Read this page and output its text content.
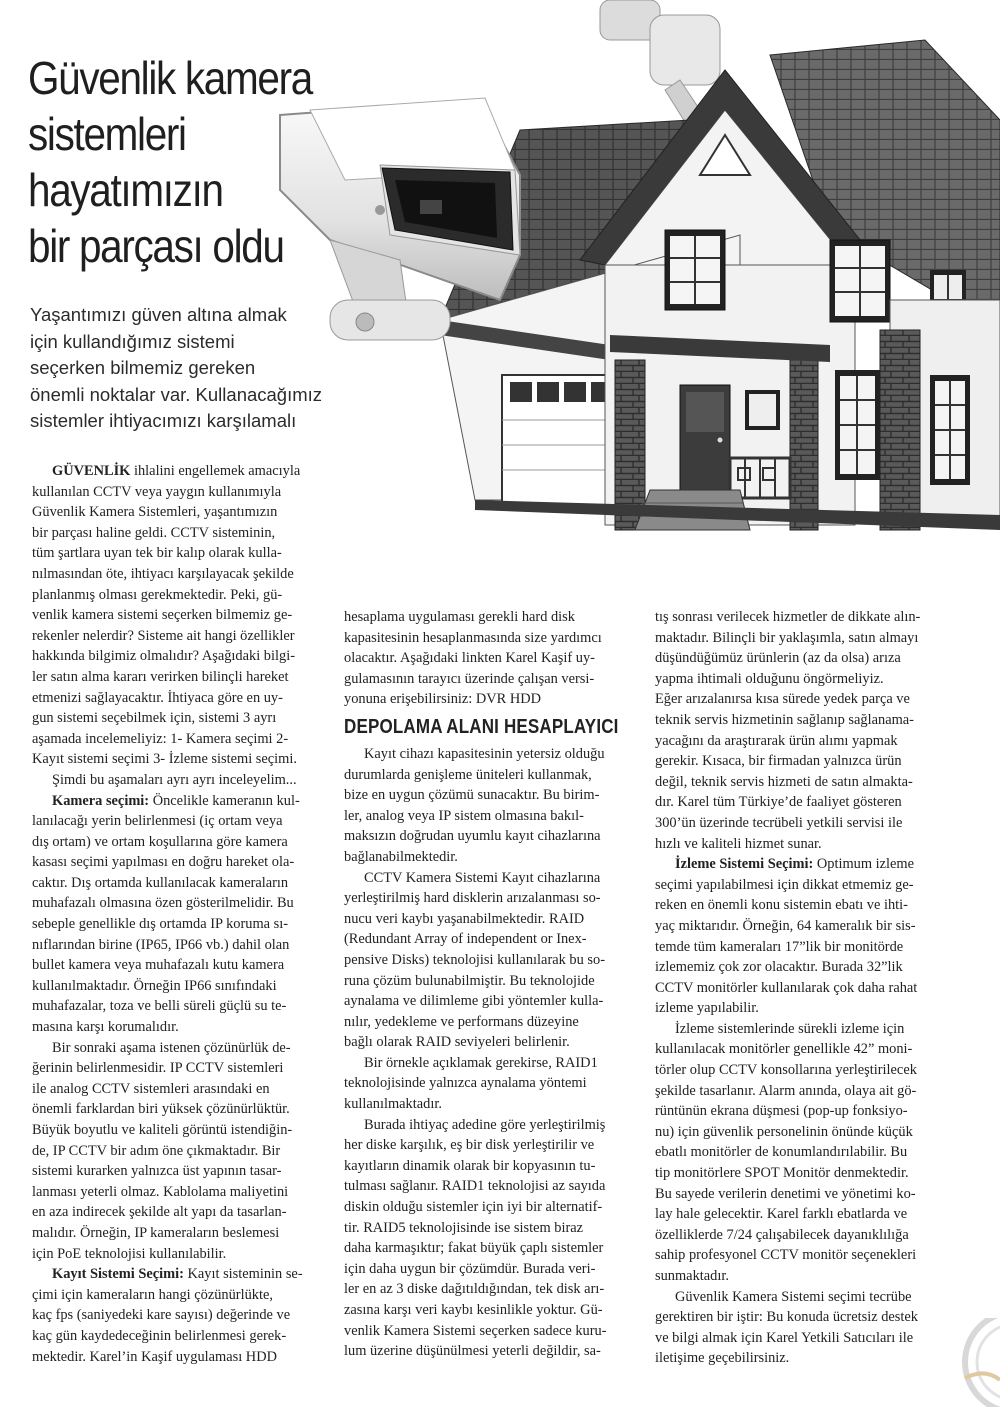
Güvenlik kamera
sistemleri
hayatımızın
bir parçası oldu

Yaşantımızı güven altına almak
için kullandığımız sistemi
seçerken bilmemiz gereken
önemli noktalar var. Kullanacağımız
sistemler ihtiyacımızı karşılamalı

GÜVENLİK ihlalini engellemek amacıyla
kullanılan CCTV veya yaygın kullanımıyla
Güvenlik Kamera Sistemleri, yaşantımızın
bir parçası haline geldi. CCTV sisteminin,
tüm şartlara uyan tek bir kalıp olarak kulla-
nılmasından öte, ihtiyacı karşılayacak şekilde
planlanmış olması gerekmektedir. Peki, gü-
venlik kamera sistemi seçerken bilmemiz ge-
rekenler nelerdir? Sisteme ait hangi özellikler
hakkında bilgimiz olmalıdır? Aşağıdaki bilgi-
ler satın alma kararı verirken bilinçli hareket
etmenizi sağlayacaktır. İhtiyaca göre en uy-
gun sistemi seçebilmek için, sistemi 3 ayrı
aşamada incelemeliyiz: 1- Kamera seçimi 2-
Kayıt sistemi seçimi 3- İzleme sistemi seçimi.
Şimdi bu aşamaları ayrı ayrı inceleyelim...
Kamera seçimi: Öncelikle kameranın kul-
lanılacağı yerin belirlenmesi (iç ortam veya
dış ortam) ve ortam koşullarına göre kamera
kasası seçimi yapılması en doğru hareket ola-
caktır. Dış ortamda kullanılacak kameraların
muhafazalı olmasına özen gösterilmelidir. Bu
sebeple genellikle dış ortamda IP koruma sı-
nıflarından birine (IP65, IP66 vb.) dahil olan
bullet kamera veya muhafazalı kutu kamera
kullanılmaktadır. Örneğin IP66 sınıfındaki
muhafazalar, toza ve belli süreli güçlü su te-
masına karşı korumalıdır.
Bir sonraki aşama istenen çözünürlük de-
ğerinin belirlenmesidir. IP CCTV sistemleri
ile analog CCTV sistemleri arasındaki en
önemli farklardan biri yüksek çözünürlüktür.
Büyük boyutlu ve kaliteli görüntü istendiğin-
de, IP CCTV bir adım öne çıkmaktadır. Bir
sistemi kurarken yalnızca üst yapının tasar-
lanması yeterli olmaz. Kablolama maliyetini
en aza indirecek şekilde alt yapı da tasarlan-
malıdır. Örneğin, IP kameraların beslemesi
için PoE teknolojisi kullanılabilir.
Kayıt Sistemi Seçimi: Kayıt sisteminin se-
çimi için kameraların hangi çözünürlükte,
kaç fps (saniyedeki kare sayısı) değerinde ve
kaç gün kaydedeceğinin belirlenmesi gerek-
mektedir. Karel’in Kaşif uygulaması HDD
hesaplama uygulaması gerekli hard disk
kapasitesinin hesaplanmasında size yardımcı
olacaktır. Aşağıdaki linkten Karel Kaşif uy-
gulamasının tarayıcı üzerinde çalışan versi-
yonuna erişebilirsiniz: DVR HDD
DEPOLAMA ALANI HESAPLAYICI
Kayıt cihazı kapasitesinin yetersiz olduğu
durumlarda genişleme üniteleri kullanmak,
bize en uygun çözümü sunacaktır. Bu birim-
ler, analog veya IP sistem olmasına bakıl-
maksızın doğrudan uyumlu kayıt cihazlarına
bağlanabilmektedir.
CCTV Kamera Sistemi Kayıt cihazlarına
yerleştirilmiş hard disklerin arızalanması so-
nucu veri kaybı yaşanabilmektedir. RAID
(Redundant Array of independent or Inex-
pensive Disks) teknolojisi kullanılarak bu so-
runa çözüm bulunabilmiştir. Bu teknolojide
aynalama ve dilimleme gibi yöntemler kulla-
nılır, yedekleme ve performans düzeyine
bağlı olarak RAID seviyeleri belirlenir.
Bir örnekle açıklamak gerekirse, RAID1
teknolojisinde yalnızca aynalama yöntemi
kullanılmaktadır.
Burada ihtiyaç adedine göre yerleştirilmiş
her diske karşılık, eş bir disk yerleştirilir ve
kayıtların dinamik olarak bir kopyasının tu-
tulması sağlanır. RAID1 teknolojisi az sayıda
diskin olduğu sistemler için iyi bir alternatif-
tir. RAID5 teknolojisinde ise sistem biraz
daha karmaşıktır; fakat büyük çaplı sistemler
için daha uygun bir çözümdür. Burada veri-
ler en az 3 diske dağıtıldığından, tek disk arı-
zasına karşı veri kaybı kesinlikle yoktur. Gü-
venlik Kamera Sistemi seçerken sadece kuru-
lum üzerine düşünülmesi yeterli değildir, sa-
tış sonrası verilecek hizmetler de dikkate alın-
maktadır. Bilinçli bir yaklaşımla, satın almayı
düşündüğümüz ürünlerin (az da olsa) arıza
yapma ihtimali olduğunu öngörmeliyiz.
Eğer arızalanırsa kısa sürede yedek parça ve
teknik servis hizmetinin sağlanıp sağlanama-
yacağını da araştırarak ürün alımı yapmak
gerekir. Kısaca, bir firmadan yalnızca ürün
değil, teknik servis hizmeti de satın almakta-
dır. Karel tüm Türkiye’de faaliyet gösteren
300’ün üzerinde tecrübeli yetkili servisi ile
hızlı ve kaliteli hizmet sunar.
İzleme Sistemi Seçimi: Optimum izleme
seçimi yapılabilmesi için dikkat etmemiz ge-
reken en önemli konu sistemin ebatı ve ihti-
yaç miktarıdır. Örneğin, 64 kameralık bir sis-
temde tüm kameraları 17”lik bir monitörde
izlememiz çok zor olacaktır. Burada 32”lik
CCTV monitörler kullanılarak çok daha rahat
izleme yapılabilir.
İzleme sistemlerinde sürekli izleme için
kullanılacak monitörler genellikle 42” moni-
törler olup CCTV konsollarına yerleştirilecek
şekilde tasarlanır. Alarm anında, olaya ait gö-
rüntünün ekrana düşmesi (pop-up fonksiyo-
nu) için güvenlik personelinin önünde küçük
ebatlı monitörler de konumlandırılabilir. Bu
tip monitörlere SPOT Monitör denmektedir.
Bu sayede verilerin denetimi ve yönetimi ko-
lay hale gelecektir. Karel farklı ebatlarda ve
özelliklerde 7/24 çalışabilecek dayanıklılığa
sahip profesyonel CCTV monitör seçenekleri
sunmaktadır.
Güvenlik Kamera Sistemi seçimi tecrübe
gerektiren bir iştir: Bu konuda ücretsiz destek
ve bilgi almak için Karel Yetkili Satıcıları ile
iletişime geçebilirsiniz.
